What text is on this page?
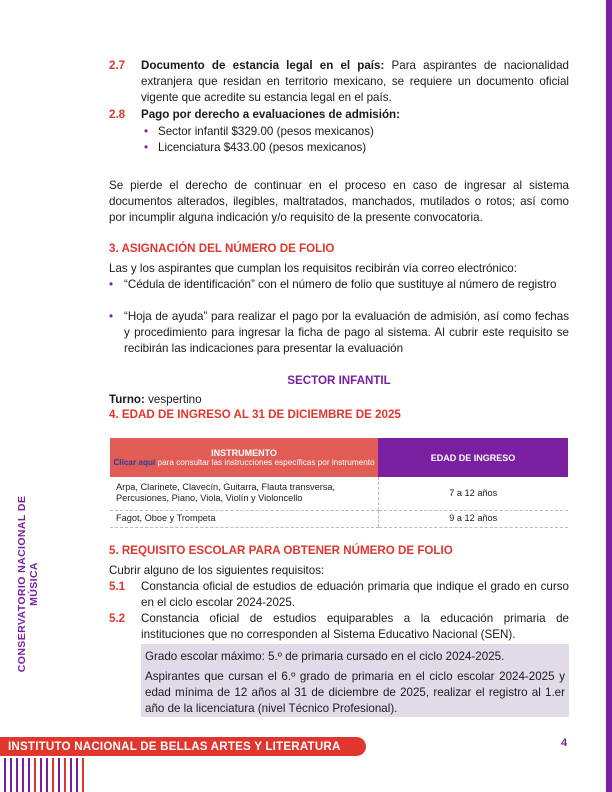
CONSERVATORIO NACIONAL DE MÚSICA
2.7 Documento de estancia legal en el país: Para aspirantes de nacionalidad extranjera que residan en territorio mexicano, se requiere un documento oficial vigente que acredite su estancia legal en el país.
2.8 Pago por derecho a evaluaciones de admisión:
• Sector infantil $329.00 (pesos mexicanos)
• Licenciatura $433.00 (pesos mexicanos)
Se pierde el derecho de continuar en el proceso en caso de ingresar al sistema documentos alterados, ilegibles, maltratados, manchados, mutilados o rotos; así como por incumplir alguna indicación y/o requisito de la presente convocatoria.
3. ASIGNACIÓN DEL NÚMERO DE FOLIO
Las y los aspirantes que cumplan los requisitos recibirán vía correo electrónico:
• “Cédula de identificación” con el número de folio que sustituye al número de registro
• “Hoja de ayuda” para realizar el pago por la evaluación de admisión, así como fechas y procedimiento para ingresar la ficha de pago al sistema. Al cubrir este requisito se recibirán las indicaciones para presentar la evaluación
SECTOR INFANTIL
Turno: vespertino
4. EDAD DE INGRESO AL 31 DE DICIEMBRE DE 2025
INSTRUMENTO
Clicar aquí para consultar las instrucciones específicas por instrumento	EDAD DE INGRESO
Arpa, Clarinete, Clavecín, Guitarra, Flauta transversa, Percusiones, Piano, Viola, Violín y Violoncello	7 a 12 años
Fagot, Oboe y Trompeta	9 a 12 años
5. REQUISITO ESCOLAR PARA OBTENER NÚMERO DE FOLIO
Cubrir alguno de los siguientes requisitos:
5.1 Constancia oficial de estudios de eduación primaria que indique el grado en curso en el ciclo escolar 2024-2025.
5.2 Constancia oficial de estudios equiparables a la educación primaria de instituciones que no corresponden al Sistema Educativo Nacional (SEN).
Grado escolar máximo: 5.º de primaria cursado en el ciclo 2024-2025.
Aspirantes que cursan el 6.º grado de primaria en el ciclo escolar 2024-2025 y edad mínima de 12 años al 31 de diciembre de 2025, realizar el registro al 1.er año de la licenciatura (nivel Técnico Profesional).
INSTITUTO NACIONAL DE BELLAS ARTES Y LITERATURA	4
